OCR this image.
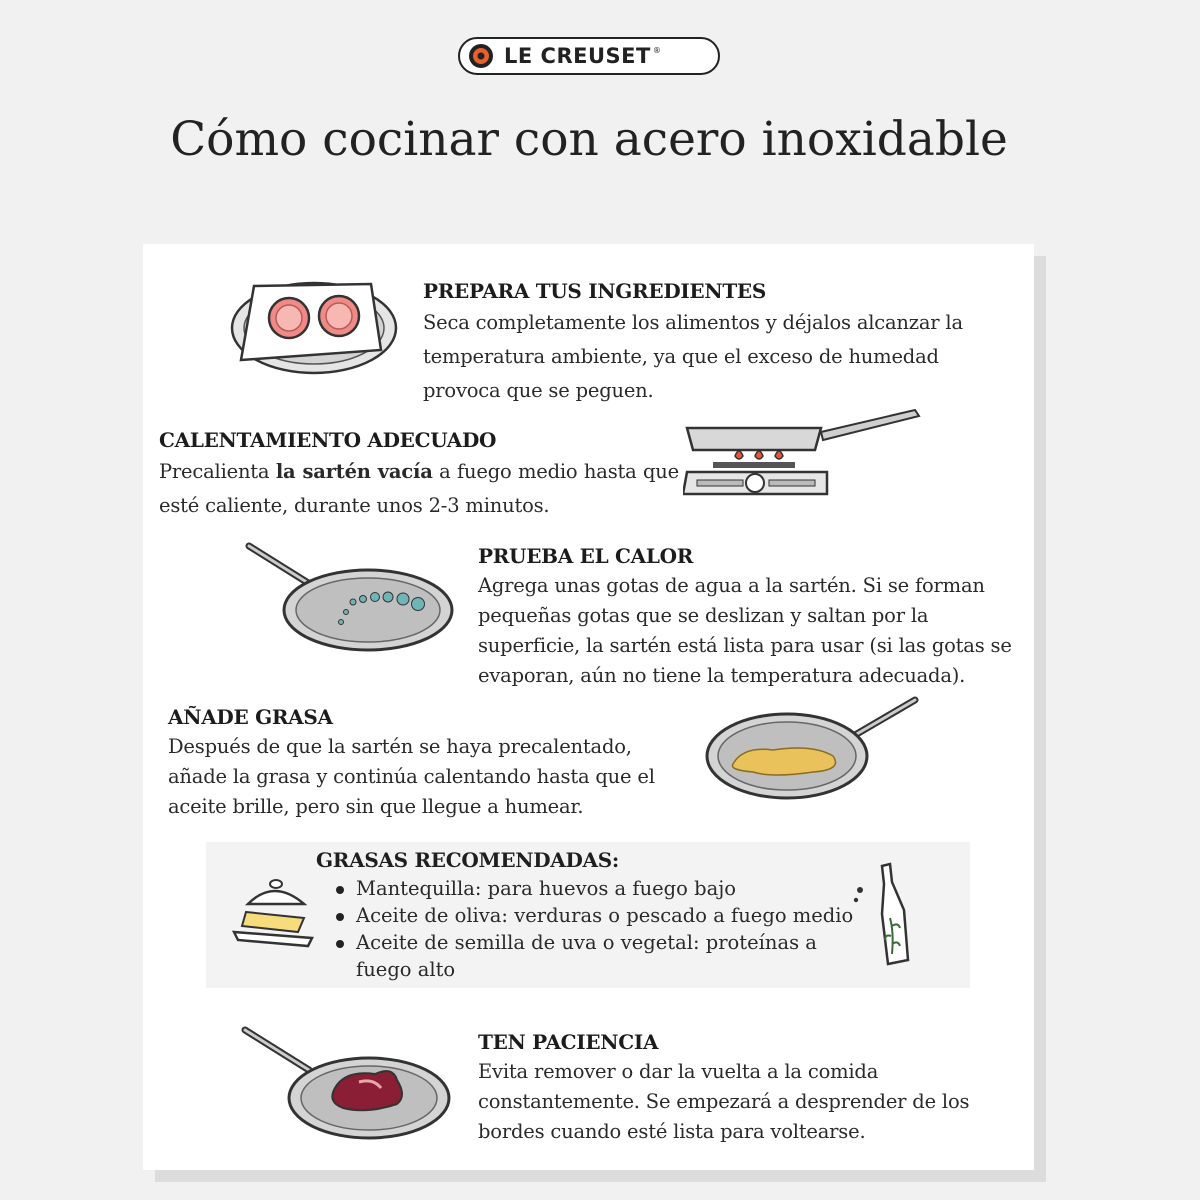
LE CREUSET ®
Cómo cocinar con acero inoxidable
PREPARA TUS INGREDIENTES

Seca completamente los alimentos y déjalos alcanzar la temperatura ambiente, ya que el exceso de humedad provoca que se peguen.

CALENTAMIENTO ADECUADO

Precalienta la sartén vacía a fuego medio hasta que esté caliente, durante unos 2-3 minutos.

PRUEBA EL CALOR

Agrega unas gotas de agua a la sartén. Si se forman pequeñas gotas que se deslizan y saltan por la superficie, la sartén está lista para usar (si las gotas se evaporan, aún no tiene la temperatura adecuada).

AÑADE GRASA

Después de que la sartén se haya precalentado, añade la grasa y continúa calentando hasta que el aceite brille, pero sin que llegue a humear.

GRASAS RECOMENDADAS:
Mantequilla: para huevos a fuego bajo
Aceite de oliva: verduras o pescado a fuego medio
Aceite de semilla de uva o vegetal: proteínas a fuego alto
TEN PACIENCIA

Evita remover o dar la vuelta a la comida constantemente. Se empezará a desprender de los bordes cuando esté lista para voltearse.
